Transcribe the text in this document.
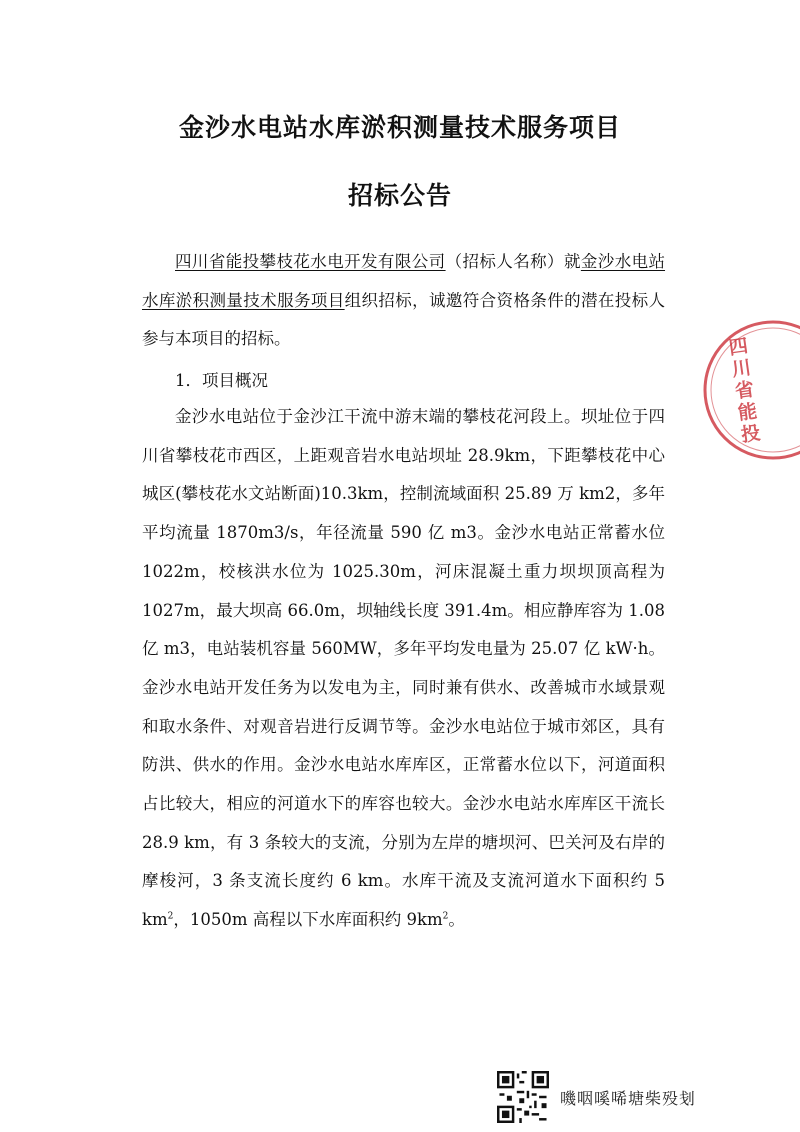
金沙水电站水库淤积测量技术服务项目
招标公告

四川省能投攀枝花水电开发有限公司（招标人名称）就金沙水电站水库淤积测量技术服务项目组织招标，诚邀符合资格条件的潜在投标人参与本项目的招标。

1．项目概况

金沙水电站位于金沙江干流中游末端的攀枝花河段上。坝址位于四川省攀枝花市西区，上距观音岩水电站坝址 28.9km，下距攀枝花中心城区(攀枝花水文站断面)10.3km，控制流域面积 25.89 万 km2，多年平均流量 1870m3/s，年径流量 590 亿 m3。金沙水电站正常蓄水位 1022m，校核洪水位为 1025.30m，河床混凝土重力坝坝顶高程为 1027m，最大坝高 66.0m，坝轴线长度 391.4m。相应静库容为 1.08 亿 m3，电站装机容量 560MW，多年平均发电量为 25.07 亿 kW·h。金沙水电站开发任务为以发电为主，同时兼有供水、改善城市水域景观和取水条件、对观音岩进行反调节等。金沙水电站位于城市郊区，具有防洪、供水的作用。金沙水电站水库库区，正常蓄水位以下，河道面积占比较大，相应的河道水下的库容也较大。金沙水电站水库库区干流长 28.9 km，有 3 条较大的支流，分别为左岸的塘坝河、巴关河及右岸的摩梭河，3 条支流长度约 6 km。水库干流及支流河道水下面积约 5 $km^2$，1050m 高程以下水库面积约 $9km^2$。

四川省能投
嘰咽嗘唏塘柴殁刬
